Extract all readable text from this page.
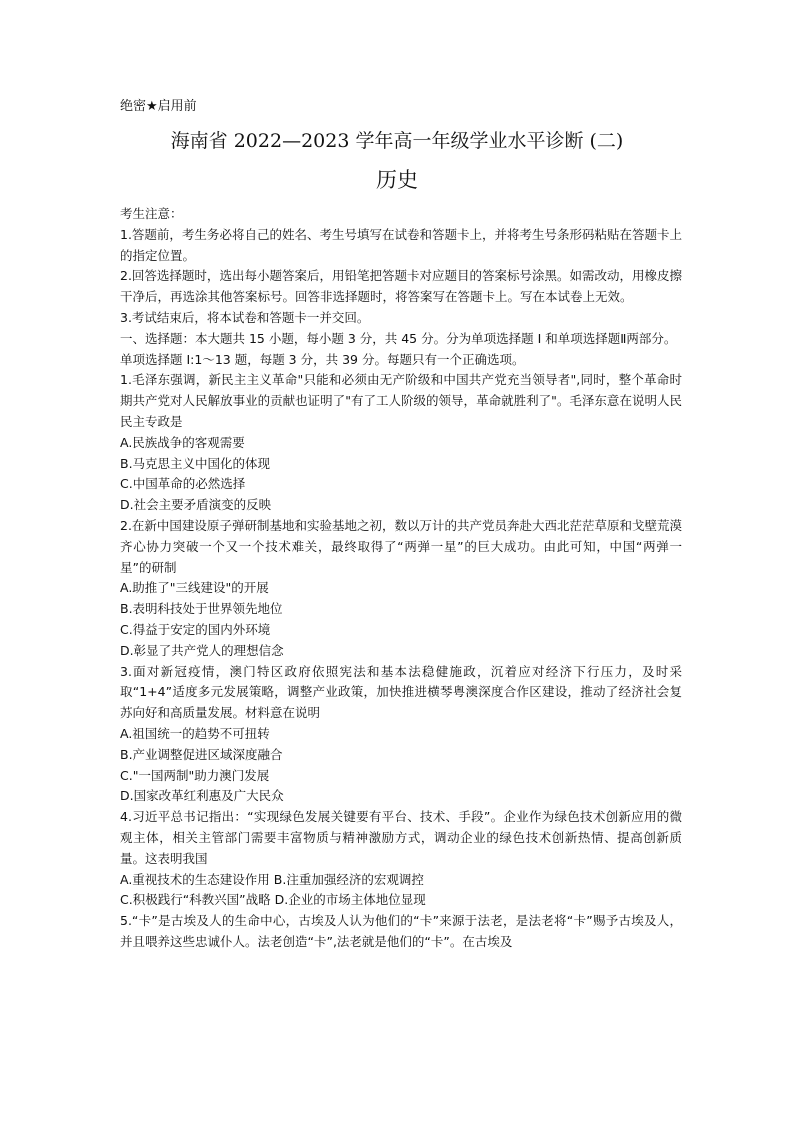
绝密★启用前
海南省 2022—2023 学年高一年级学业水平诊断 (二)
历史

考生注意：

1.答题前，考生务必将自己的姓名、考生号填写在试卷和答题卡上，并将考生号条形码粘贴在答题卡上的指定位置。

2.回答选择题时，选出每小题答案后，用铅笔把答题卡对应题目的答案标号涂黑。如需改动，用橡皮擦干净后，再选涂其他答案标号。回答非选择题时，将答案写在答题卡上。写在本试卷上无效。

3.考试结束后，将本试卷和答题卡一并交回。

一、选择题：本大题共 15 小题，每小题 3 分，共 45 分。分为单项选择题 I 和单项选择题Ⅱ两部分。

单项选择题 I:1～13 题，每题 3 分，共 39 分。每题只有一个正确选项。

1.毛泽东强调，新民主主义革命"只能和必须由无产阶级和中国共产党充当领导者",同时，整个革命时期共产党对人民解放事业的贡献也证明了"有了工人阶级的领导，革命就胜利了"。毛泽东意在说明人民民主专政是

A.民族战争的客观需要

B.马克思主义中国化的体现

C.中国革命的必然选择

D.社会主要矛盾演变的反映

2.在新中国建设原子弹研制基地和实验基地之初，数以万计的共产党员奔赴大西北茫茫草原和戈壁荒漠齐心协力突破一个又一个技术难关，最终取得了“两弹一星”的巨大成功。由此可知，中国“两弹一星”的研制

A.助推了"三线建设"的开展

B.表明科技处于世界领先地位

C.得益于安定的国内外环境

D.彰显了共产党人的理想信念

3.面对新冠疫情，澳门特区政府依照宪法和基本法稳健施政，沉着应对经济下行压力，及时采取“1+4”适度多元发展策略，调整产业政策，加快推进横琴粤澳深度合作区建设，推动了经济社会复苏向好和高质量发展。材料意在说明

A.祖国统一的趋势不可扭转

B.产业调整促进区域深度融合

C."一国两制"助力澳门发展

D.国家改革红利惠及广大民众

4.习近平总书记指出：“实现绿色发展关键要有平台、技术、手段”。企业作为绿色技术创新应用的微观主体，相关主管部门需要丰富物质与精神激励方式，调动企业的绿色技术创新热情、提高创新质量。这表明我国

A.重视技术的生态建设作用 B.注重加强经济的宏观调控

C.积极践行“科教兴国”战略 D.企业的市场主体地位显现

5.“卡”是古埃及人的生命中心，古埃及人认为他们的“卡”来源于法老，是法老将“卡”赐予古埃及人，并且喂养这些忠诚仆人。法老创造“卡”,法老就是他们的“卡”。在古埃及
